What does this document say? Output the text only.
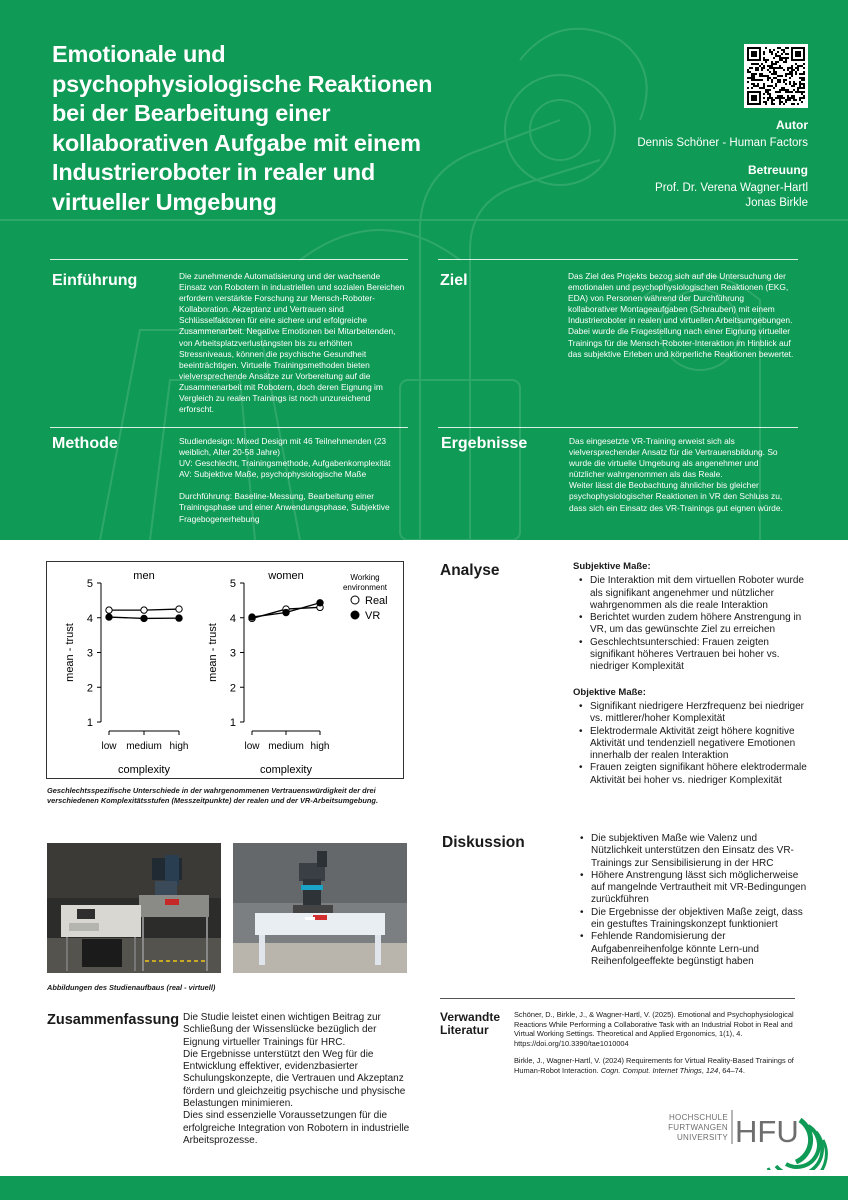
Emotionale und psychophysiologische Reaktionen bei der Bearbeitung einer kollaborativen Aufgabe mit einem Industrieroboter in realer und virtueller Umgebung
Autor
Dennis Schöner - Human Factors
Betreuung
Prof. Dr. Verena Wagner-Hartl
Jonas Birkle
Einführung	Die zunehmende Automatisierung und der wachsende Einsatz von Robotern in industriellen und sozialen Bereichen erfordern verstärkte Forschung zur Mensch-Roboter-Kollaboration. Akzeptanz und Vertrauen sind Schlüsselfaktoren für eine sichere und erfolgreiche Zusammenarbeit. Negative Emotionen bei Mitarbeitenden, von Arbeitsplatzverlustängsten bis zu erhöhten Stressniveaus, können die psychische Gesundheit beeinträchtigen. Virtuelle Trainingsmethoden bieten vielversprechende Ansätze zur Vorbereitung auf die Zusammenarbeit mit Robotern, doch deren Eignung im Vergleich zu realen Trainings ist noch unzureichend erforscht.

Ziel	Das Ziel des Projekts bezog sich auf die Untersuchung der emotionalen und psychophysiologischen Reaktionen (EKG, EDA) von Personen während der Durchführung kollaborativer Montageaufgaben (Schrauben) mit einem Industrieroboter in realen und virtuellen Arbeitsumgebungen.

Dabei wurde die Fragestellung nach einer Eignung virtueller Trainings für die Mensch-Roboter-Interaktion im Hinblick auf das subjektive Erleben und körperliche Reaktionen bewertet.

Methode	Studiendesign: Mixed Design mit 46 Teilnehmenden (23 weiblich, Alter 20-58 Jahre)

UV: Geschlecht, Trainingsmethode, Aufgabenkomplexität

AV: Subjektive Maße, psychophysiologische Maße

Durchführung: Baseline-Messung, Bearbeitung einer Trainingsphase und einer Anwendungsphase, Subjektive Fragebogenerhebung

Ergebnisse	Das eingesetzte VR-Training erweist sich als vielversprechender Ansatz für die Vertrauensbildung. So wurde die virtuelle Umgebung als angenehmer und nützlicher wahrgenommen als das Reale.

Weiter lässt die Beobachtung ähnlicher bis gleicher psychophysiologischer Reaktionen in VR den Schluss zu, dass sich ein Einsatz des VR-Trainings gut eignen würde.

1
2
3
4
5
low medium high
complexity
mean - trust
men
1
2
3
4
5
low medium high
complexity
mean - trust
women	Working
environment
Real
VR
Geschlechtsspezifische Unterschiede in der wahrgenommenen Vertrauenswürdigkeit der drei verschiedenen Komplexitätsstufen (Messzeitpunkte) der realen und der VR-Arbeitsumgebung.
Analyse	Subjektive Maße:
• Die Interaktion mit dem virtuellen Roboter wurde als signifikant angenehmer und nützlicher wahrgenommen als die reale Interaktion
• Berichtet wurden zudem höhere Anstrengung in VR, um das gewünschte Ziel zu erreichen
• Geschlechtsunterschied: Frauen zeigten signifikant höheres Vertrauen bei hoher vs. niedriger Komplexität
Objektive Maße:
• Signifikant niedrigere Herzfrequenz bei niedriger vs. mittlerer/hoher Komplexität
• Elektrodermale Aktivität zeigt höhere kognitive Aktivität und tendenziell negativere Emotionen innerhalb der realen Interaktion
• Frauen zeigten signifikant höhere elektrodermale Aktivität bei hoher vs. niedriger Komplexität
Diskussion
•	Die subjektiven Maße wie Valenz und Nützlichkeit unterstützen den Einsatz des VR-Trainings zur Sensibilisierung in der HRC
• Höhere Anstrengung lässt sich möglicherweise auf mangelnde Vertrautheit mit VR-Bedingungen zurückführen
• Die Ergebnisse der objektiven Maße zeigt, dass ein gestuftes Trainingskonzept funktioniert
• Fehlende Randomisierung der Aufgabenreihenfolge könnte Lern-und Reihenfolgeeffekte begünstigt haben
Abbildungen des Studienaufbaus (real - virtuell)
Zusammenfassung Die Studie leistet einen wichtigen Beitrag zur Schließung der Wissenslücke bezüglich der Eignung virtueller Trainings für HRC.

Die Ergebnisse unterstützt den Weg für die Entwicklung effektiver, evidenzbasierter Schulungskonzepte, die Vertrauen und Akzeptanz fördern und gleichzeitig psychische und physische Belastungen minimieren.

Dies sind essenzielle Voraussetzungen für die erfolgreiche Integration von Robotern in industrielle Arbeitsprozesse.

Verwandte
Literatur

Schöner, D., Birkle, J., & Wagner-Hartl, V. (2025). Emotional and Psychophysiological Reactions While Performing a Collaborative Task with an Industrial Robot in Real and Virtual Working Settings. Theoretical and Applied Ergonomics, 1(1), 4. https://doi.org/10.3390/tae1010004

Birkle, J., Wagner-Hartl, V. (2024) Requirements for Virtual Reality-Based Trainings of Human-Robot Interaction. Cogn. Comput. Internet Things, 124, 64–74.

HOCHSCHULE
FURTWANGEN
UNIVERSITY HFU
